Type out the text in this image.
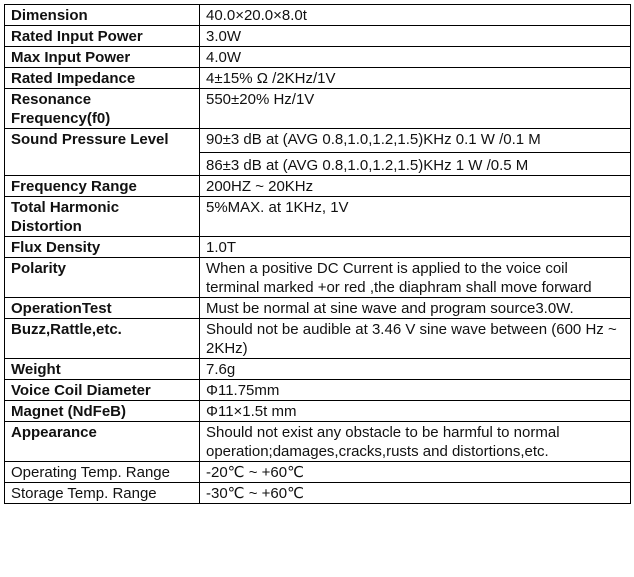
Dimension	40.0×20.0×8.0t
Rated Input Power	3.0W
Max Input Power	4.0W
Rated Impedance	4±15% Ω /2KHz/1V
Resonance Frequency(f0)	550±20% Hz/1V
Sound Pressure Level	90±3 dB at (AVG 0.8,1.0,1.2,1.5)KHz 0.1 W /0.1 M
86±3 dB at (AVG 0.8,1.0,1.2,1.5)KHz 1 W /0.5 M

Frequency Range	200HZ ~ 20KHz
Total Harmonic Distortion	5%MAX. at 1KHz, 1V
Flux Density	1.0T
Polarity	When a positive DC Current is applied to the voice coil terminal marked +or red ,the diaphram shall move forward
OperationTest	Must be normal at sine wave and program source3.0W.
Buzz,Rattle,etc.	Should not be audible at 3.46 V sine wave between (600 Hz ~ 2KHz)
Weight	7.6g
Voice Coil Diameter	Φ11.75mm
Magnet (NdFeB)	Φ11×1.5t mm
Appearance	Should not exist any obstacle to be harmful to normal operation;damages,cracks,rusts and distortions,etc.
Operating Temp. Range	-20℃ ~ +60℃
Storage Temp. Range	-30℃ ~ +60℃
